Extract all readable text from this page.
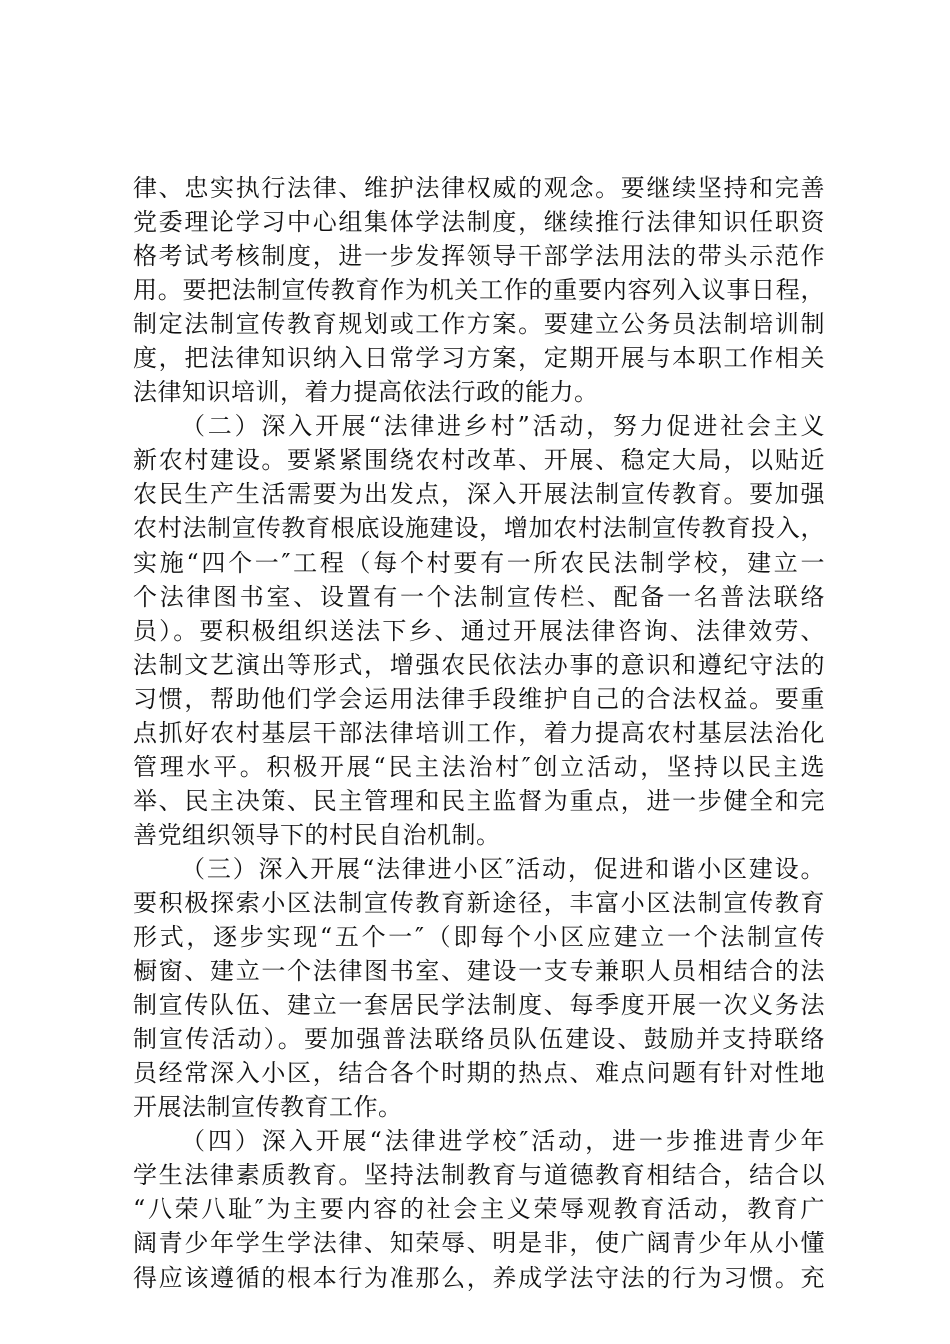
律、忠实执行法律、维护法律权威的观念。要继续坚持和完善
党委理论学习中心组集体学法制度，继续推行法律知识任职资
格考试考核制度，进一步发挥领导干部学法用法的带头示范作
用。要把法制宣传教育作为机关工作的重要内容列入议事日程，
制定法制宣传教育规划或工作方案。要建立公务员法制培训制
度，把法律知识纳入日常学习方案，定期开展与本职工作相关
法律知识培训，着力提高依法行政的能力。
（二）深入开展“法律进乡村”活动，努力促进社会主义
新农村建设。要紧紧围绕农村改革、开展、稳定大局，以贴近
农民生产生活需要为出发点，深入开展法制宣传教育。要加强
农村法制宣传教育根底设施建设，增加农村法制宣传教育投入，
实施“四个一″工程（每个村要有一所农民法制学校，建立一
个法律图书室、设置有一个法制宣传栏、配备一名普法联络
员）。要积极组织送法下乡、通过开展法律咨询、法律效劳、
法制文艺演出等形式，增强农民依法办事的意识和遵纪守法的
习惯，帮助他们学会运用法律手段维护自己的合法权益。要重
点抓好农村基层干部法律培训工作，着力提高农村基层法治化
管理水平。积极开展“民主法治村″创立活动，坚持以民主选
举、民主决策、民主管理和民主监督为重点，进一步健全和完
善党组织领导下的村民自治机制。
（三）深入开展“法律进小区″活动，促进和谐小区建设。
要积极探索小区法制宣传教育新途径，丰富小区法制宣传教育
形式，逐步实现“五个一″（即每个小区应建立一个法制宣传
橱窗、建立一个法律图书室、建设一支专兼职人员相结合的法
制宣传队伍、建立一套居民学法制度、每季度开展一次义务法
制宣传活动）。要加强普法联络员队伍建设、鼓励并支持联络
员经常深入小区，结合各个时期的热点、难点问题有针对性地
开展法制宣传教育工作。
（四）深入开展“法律进学校″活动，进一步推进青少年
学生法律素质教育。坚持法制教育与道德教育相结合，结合以
“八荣八耻″为主要内容的社会主义荣辱观教育活动，教育广
阔青少年学生学法律、知荣辱、明是非，使广阔青少年从小懂
得应该遵循的根本行为准那么，养成学法守法的行为习惯。充
